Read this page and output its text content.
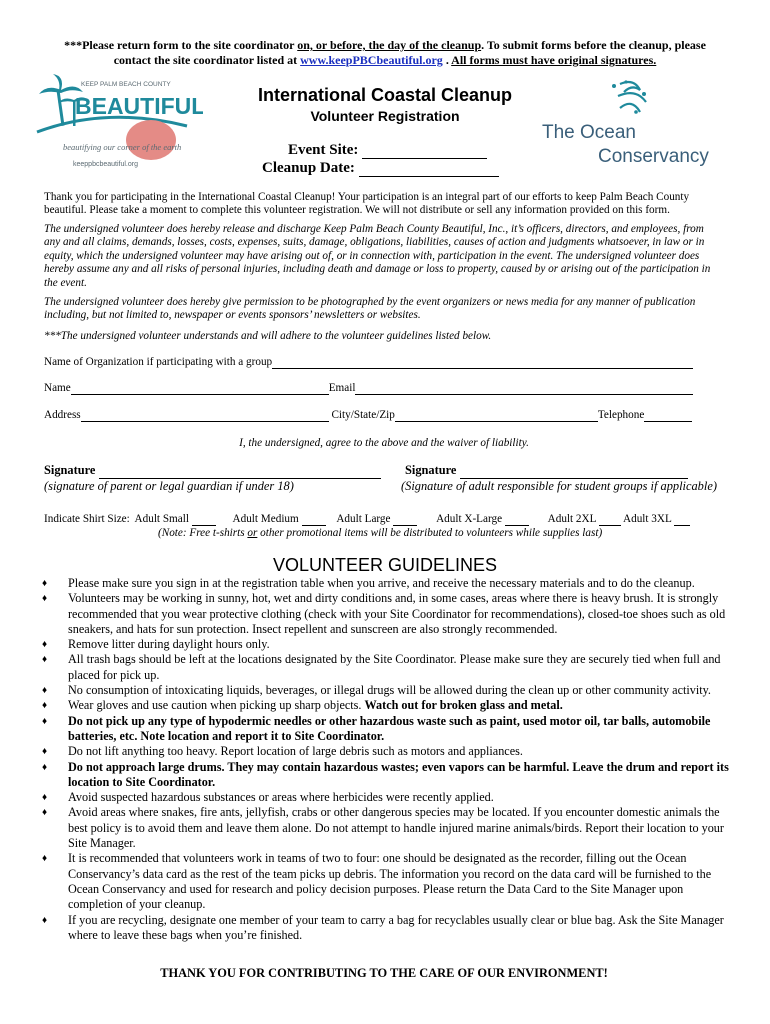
***Please return form to the site coordinator on, or before, the day of the cleanup. To submit forms before the cleanup, please
contact the site coordinator listed at www.keepPBCbeautiful.org . All forms must have original signatures.
KEEP PALM BEACH COUNTY
BEAUTIFUL
beautifying our corner of the earth
keeppbcbeautiful.org
International Coastal Cleanup
Volunteer Registration
Event Site:
Cleanup Date:
The Ocean
Conservancy
Thank you for participating in the International Coastal Cleanup! Your participation is an integral part of our efforts to keep Palm Beach County beautiful. Please take a moment to complete this volunteer registration. We will not distribute or sell any information provided on this form.
The undersigned volunteer does hereby release and discharge Keep Palm Beach County Beautiful, Inc., it’s officers, directors, and employees, from any and all claims, demands, losses, costs, expenses, suits, damage, obligations, liabilities, causes of action and judgments whatsoever, in law or in equity, which the undersigned volunteer may have arising out of, or in connection with, participation in the event. The undersigned volunteer does hereby assume any and all risks of personal injuries, including death and damage or loss to property, caused by or arising out of the participation in the event.
The undersigned volunteer does hereby give permission to be photographed by the event organizers or news media for any manner of publication including, but not limited to, newspaper or events sponsors’ newsletters or websites.
***The undersigned volunteer understands and will adhere to the volunteer guidelines listed below.
Name of Organization if participating with a group
Name	Email
Address	City/State/Zip	Telephone
I, the undersigned, agree to the above and the waiver of liability.
Signature
(signature of parent or legal guardian if under 18)
Signature
(Signature of adult responsible for student groups if applicable)
Indicate Shirt Size: Adult Small	Adult Medium	Adult Large	Adult X-Large	Adult 2XL Adult 3XL
(Note: Free t-shirts or other promotional items will be distributed to volunteers while supplies last)
VOLUNTEER GUIDELINES
♦ Please make sure you sign in at the registration table when you arrive, and receive the necessary materials and to do the cleanup.
♦ Volunteers may be working in sunny, hot, wet and dirty conditions and, in some cases, areas where there is heavy brush. It is strongly recommended that you wear protective clothing (check with your Site Coordinator for recommendations), closed-toe shoes such as old sneakers, and hats for sun protection. Insect repellent and sunscreen are also strongly recommended.
♦ Remove litter during daylight hours only.
♦ All trash bags should be left at the locations designated by the Site Coordinator. Please make sure they are securely tied when full and placed for pick up.
♦ No consumption of intoxicating liquids, beverages, or illegal drugs will be allowed during the clean up or other community activity.
♦ Wear gloves and use caution when picking up sharp objects. Watch out for broken glass and metal.
♦ Do not pick up any type of hypodermic needles or other hazardous waste such as paint, used motor oil, tar balls, automobile batteries, etc. Note location and report it to Site Coordinator.
♦ Do not lift anything too heavy. Report location of large debris such as motors and appliances.
♦ Do not approach large drums. They may contain hazardous wastes; even vapors can be harmful. Leave the drum and report its location to Site Coordinator.
♦ Avoid suspected hazardous substances or areas where herbicides were recently applied.
♦ Avoid areas where snakes, fire ants, jellyfish, crabs or other dangerous species may be located. If you encounter domestic animals the best policy is to avoid them and leave them alone. Do not attempt to handle injured marine animals/birds. Report their location to your Site Manager.
♦ It is recommended that volunteers work in teams of two to four: one should be designated as the recorder, filling out the Ocean Conservancy’s data card as the rest of the team picks up debris. The information you record on the data card will be furnished to the Ocean Conservancy and used for research and policy decision purposes. Please return the Data Card to the Site Manager upon completion of your cleanup.
♦ If you are recycling, designate one member of your team to carry a bag for recyclables usually clear or blue bag. Ask the Site Manager where to leave these bags when you’re finished.
THANK YOU FOR CONTRIBUTING TO THE CARE OF OUR ENVIRONMENT!
